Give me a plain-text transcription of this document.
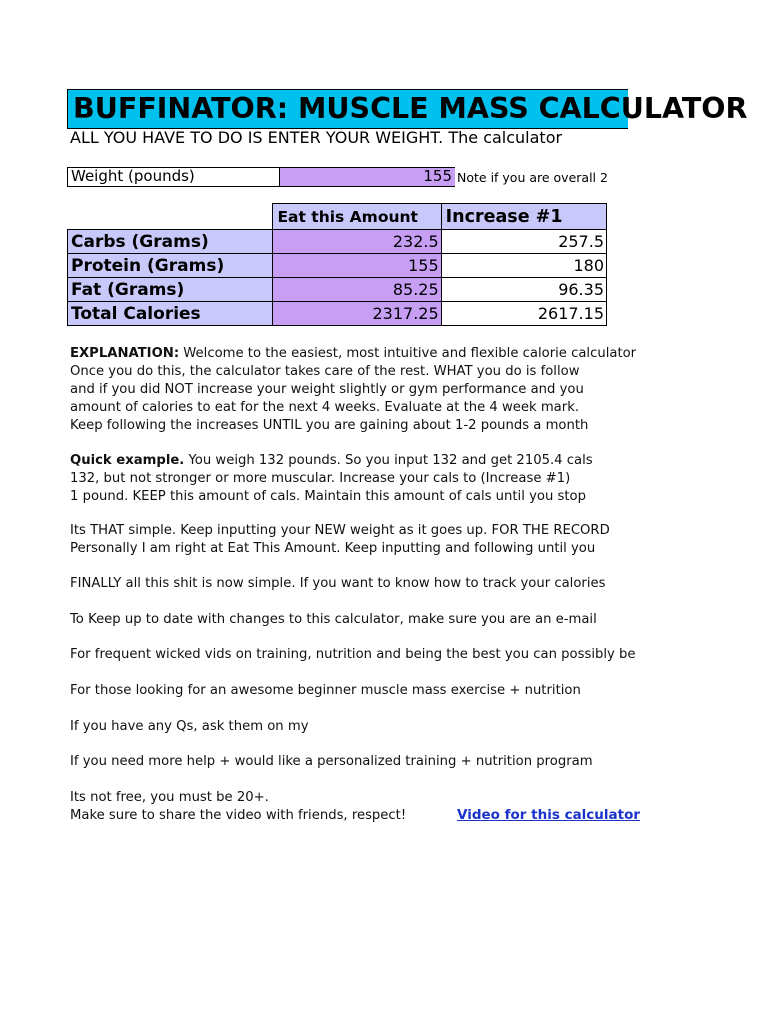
BUFFINATOR: MUSCLE MASS CALCULATOR
ALL YOU HAVE TO DO IS ENTER YOUR WEIGHT. The calculator
Weight (pounds)	155 Note if you are overall 2
	Eat this Amount	Increase #1
Carbs (Grams)	232.5	257.5
Protein (Grams)	155	180
Fat (Grams)	85.25	96.35
Total Calories	2317.25	2617.15
EXPLANATION: Welcome to the easiest, most intuitive and flexible calorie calculator
Once you do this, the calculator takes care of the rest. WHAT you do is follow
and if you did NOT increase your weight slightly or gym performance and you
amount of calories to eat for the next 4 weeks. Evaluate at the 4 week mark.
Keep following the increases UNTIL you are gaining about 1-2 pounds a month
Quick example. You weigh 132 pounds. So you input 132 and get 2105.4 cals
132, but not stronger or more muscular. Increase your cals to (Increase #1)
1 pound. KEEP this amount of cals. Maintain this amount of cals until you stop
Its THAT simple. Keep inputting your NEW weight as it goes up. FOR THE RECORD
Personally I am right at Eat This Amount. Keep inputting and following until you
FINALLY all this shit is now simple. If you want to know how to track your calories
To Keep up to date with changes to this calculator, make sure you are an e-mail
For frequent wicked vids on training, nutrition and being the best you can possibly be
For those looking for an awesome beginner muscle mass exercise + nutrition
If you have any Qs, ask them on my
If you need more help + would like a personalized training + nutrition program
Its not free, you must be 20+.
Make sure to share the video with friends, respect!	Video for this calculator
